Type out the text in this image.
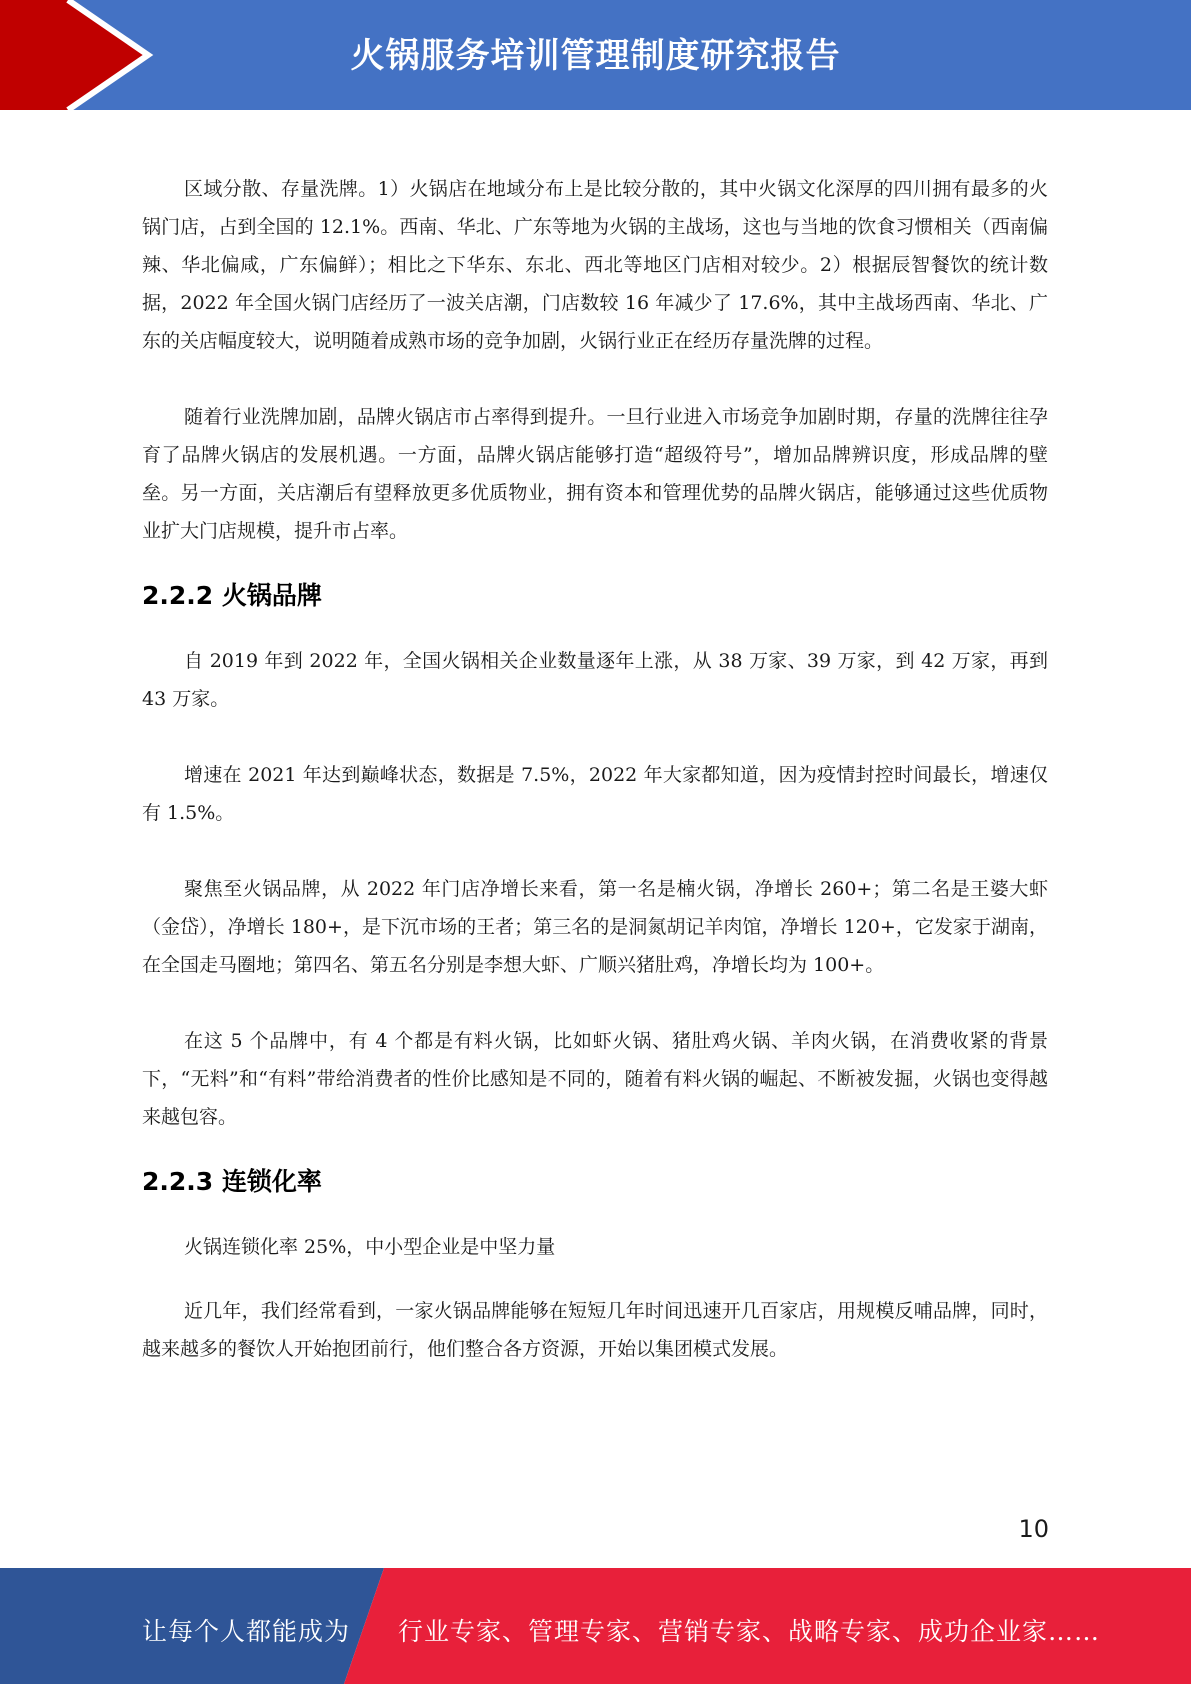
火锅服务培训管理制度研究报告

区域分散、存量洗牌。1）火锅店在地域分布上是比较分散的，其中火锅文化深厚的四川拥有最多的火锅门店，占到全国的 12.1%。西南、华北、广东等地为火锅的主战场，这也与当地的饮食习惯相关（西南偏辣、华北偏咸，广东偏鲜）；相比之下华东、东北、西北等地区门店相对较少。2）根据辰智餐饮的统计数据，2022 年全国火锅门店经历了一波关店潮，门店数较 16 年减少了 17.6%，其中主战场西南、华北、广东的关店幅度较大，说明随着成熟市场的竞争加剧，火锅行业正在经历存量洗牌的过程。

随着行业洗牌加剧，品牌火锅店市占率得到提升。一旦行业进入市场竞争加剧时期，存量的洗牌往往孕育了品牌火锅店的发展机遇。一方面，品牌火锅店能够打造“超级符号”，增加品牌辨识度，形成品牌的壁垒。另一方面，关店潮后有望释放更多优质物业，拥有资本和管理优势的品牌火锅店，能够通过这些优质物业扩大门店规模，提升市占率。

2.2.2 火锅品牌

自 2019 年到 2022 年，全国火锅相关企业数量逐年上涨，从 38 万家、39 万家，到 42 万家，再到 43 万家。

增速在 2021 年达到巅峰状态，数据是 7.5%，2022 年大家都知道，因为疫情封控时间最长，增速仅有 1.5%。

聚焦至火锅品牌，从 2022 年门店净增长来看，第一名是楠火锅，净增长 260+；第二名是王婆大虾（金岱），净增长 180+，是下沉市场的王者；第三名的是洞氮胡记羊肉馆，净增长 120+，它发家于湖南，在全国走马圈地；第四名、第五名分别是李想大虾、广顺兴猪肚鸡，净增长均为 100+。

在这 5 个品牌中，有 4 个都是有料火锅，比如虾火锅、猪肚鸡火锅、羊肉火锅，在消费收紧的背景下，“无料”和“有料”带给消费者的性价比感知是不同的，随着有料火锅的崛起、不断被发掘，火锅也变得越来越包容。

2.2.3 连锁化率

火锅连锁化率 25%，中小型企业是中坚力量

近几年，我们经常看到，一家火锅品牌能够在短短几年时间迅速开几百家店，用规模反哺品牌，同时，越来越多的餐饮人开始抱团前行，他们整合各方资源，开始以集团模式发展。

10
让每个人都能成为 行业专家、管理专家、营销专家、战略专家、成功企业家……
